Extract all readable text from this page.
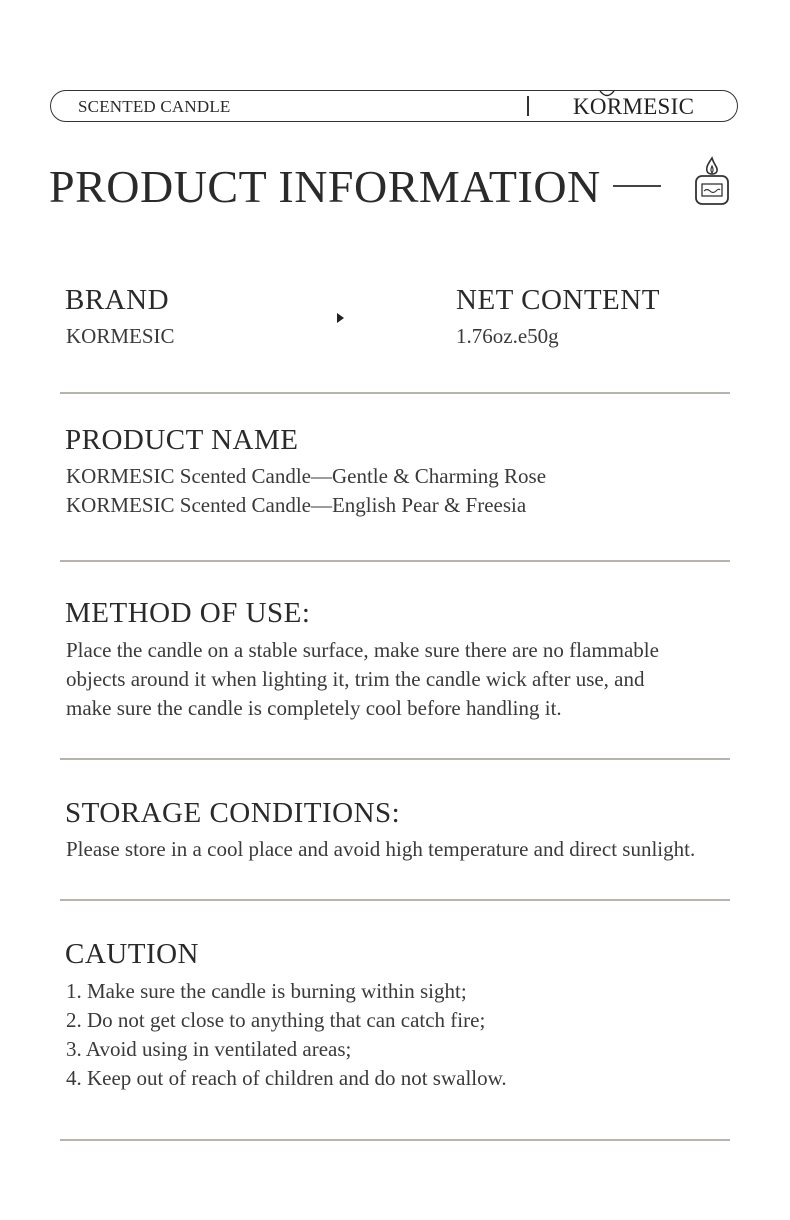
SCENTED CANDLE	KORMESIC
PRODUCT INFORMATION
BRAND
KORMESIC
NET CONTENT
1.76oz.e50g
PRODUCT NAME
KORMESIC Scented Candle—Gentle & Charming Rose
KORMESIC Scented Candle—English Pear & Freesia
METHOD OF USE:
Place the candle on a stable surface, make sure there are no flammable
objects around it when lighting it, trim the candle wick after use, and
make sure the candle is completely cool before handling it.
STORAGE CONDITIONS:
Please store in a cool place and avoid high temperature and direct sunlight.
CAUTION
1. Make sure the candle is burning within sight;
2. Do not get close to anything that can catch fire;
3. Avoid using in ventilated areas;
4. Keep out of reach of children and do not swallow.
